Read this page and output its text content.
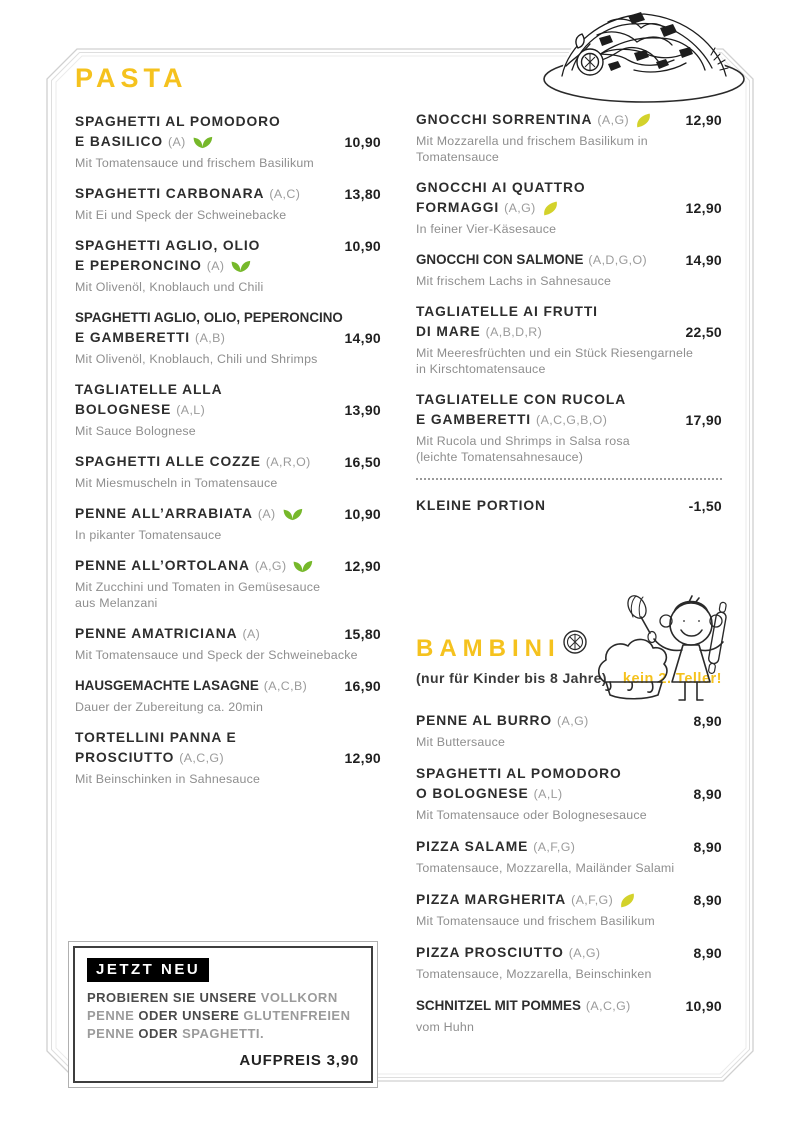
PASTA
SPAGHETTI AL POMODORO
E BASILICO (A)	10,90
Mit Tomatensauce und frischem Basilikum
SPAGHETTI CARBONARA (A,C)	13,80
Mit Ei und Speck der Schweinebacke
SPAGHETTI AGLIO, OLIO	10,90
E PEPERONCINO (A)
Mit Olivenöl, Knoblauch und Chili
SPAGHETTI AGLIO, OLIO, PEPERONCINO
E GAMBERETTI (A,B)	14,90
Mit Olivenöl, Knoblauch, Chili und Shrimps
TAGLIATELLE ALLA
BOLOGNESE (A,L)	13,90
Mit Sauce Bolognese
SPAGHETTI ALLE COZZE (A,R,O)	16,50
Mit Miesmuscheln in Tomatensauce
PENNE ALL’ARRABIATA (A)	10,90
In pikanter Tomatensauce
PENNE ALL’ORTOLANA (A,G)	12,90
Mit Zucchini und Tomaten in Gemüsesauce
aus Melanzani
PENNE AMATRICIANA (A)	15,80
Mit Tomatensauce und Speck der Schweinebacke
HAUSGEMACHTE LASAGNE (A,C,B)	16,90
Dauer der Zubereitung ca. 20min
TORTELLINI PANNA E
PROSCIUTTO (A,C,G)	12,90
Mit Beinschinken in Sahnesauce
GNOCCHI SORRENTINA (A,G)	12,90
Mit Mozzarella und frischem Basilikum in
Tomatensauce
GNOCCHI AI QUATTRO
FORMAGGI (A,G)	12,90
In feiner Vier-Käsesauce
GNOCCHI CON SALMONE (A,D,G,O)	14,90
Mit frischem Lachs in Sahnesauce
TAGLIATELLE AI FRUTTI
DI MARE (A,B,D,R)	22,50
Mit Meeresfrüchten und ein Stück Riesengarnele
in Kirschtomatensauce
TAGLIATELLE CON RUCOLA
E GAMBERETTI (A,C,G,B,O)	17,90
Mit Rucola und Shrimps in Salsa rosa
(leichte Tomatensahnesauce)
KLEINE PORTION	-1,50
BAMBINI
(nur für Kinder bis 8 Jahre) kein 2. Teller!
PENNE AL BURRO (A,G)	8,90
Mit Buttersauce
SPAGHETTI AL POMODORO
O BOLOGNESE (A,L)	8,90
Mit Tomatensauce oder Bolognesesauce
PIZZA SALAME (A,F,G)	8,90
Tomatensauce, Mozzarella, Mailänder Salami
PIZZA MARGHERITA (A,F,G)	8,90
Mit Tomatensauce und frischem Basilikum
PIZZA PROSCIUTTO (A,G)	8,90
Tomatensauce, Mozzarella, Beinschinken
SCHNITZEL MIT POMMES (A,C,G)	10,90
vom Huhn
JETZT NEU
PROBIEREN SIE UNSERE VOLLKORN PENNE ODER UNSERE GLUTENFREIEN PENNE ODER SPAGHETTI.
AUFPREIS 3,90
